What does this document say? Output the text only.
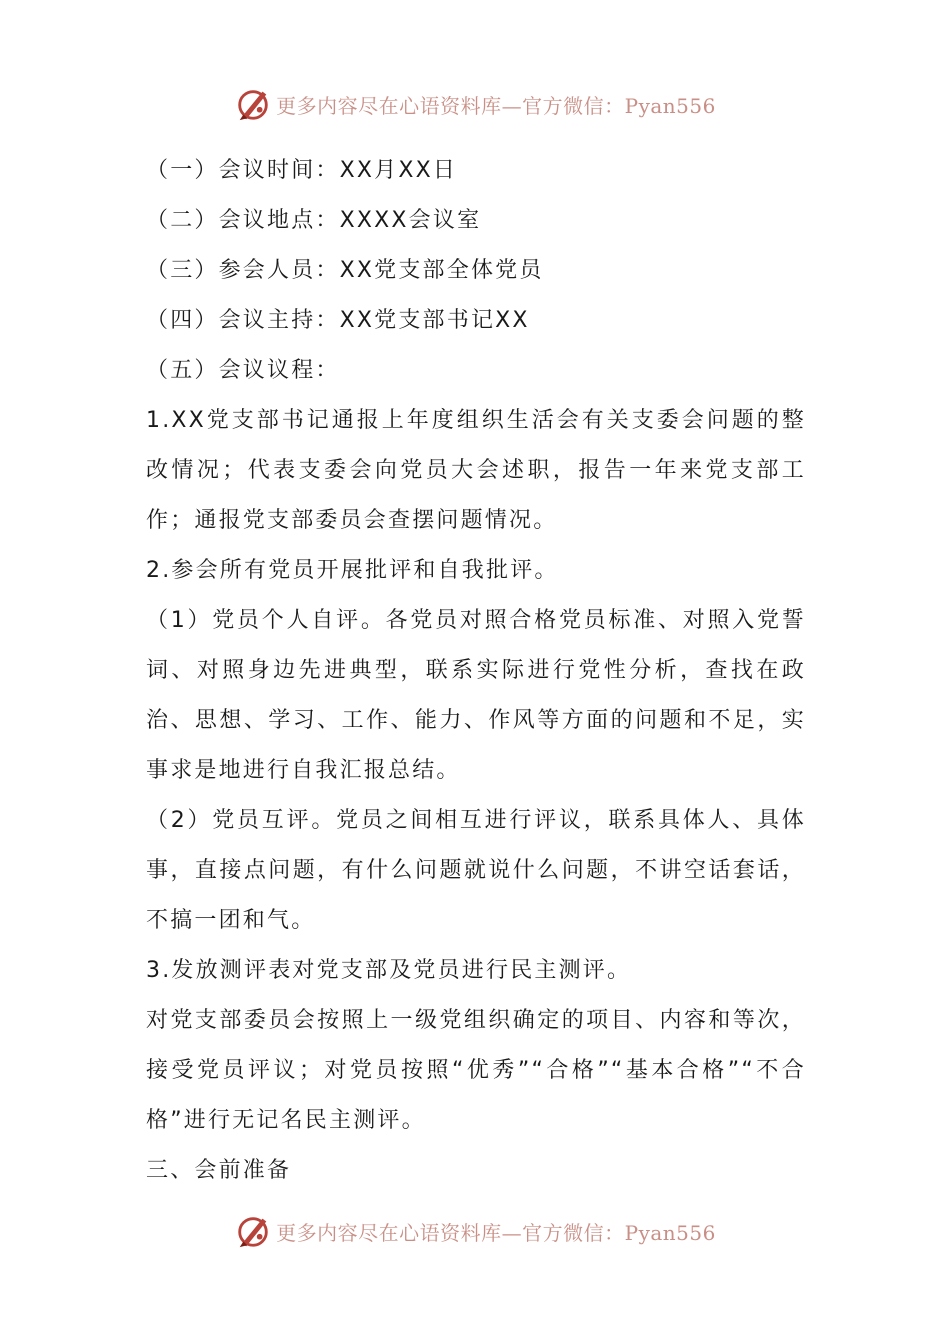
更多内容尽在心语资料库—官方微信：Pyan556

（一）会议时间：XX月XX日

（二）会议地点：XXXX会议室

（三）参会人员：XX党支部全体党员

（四）会议主持：XX党支部书记XX

（五）会议议程：

1.XX党支部书记通报上年度组织生活会有关支委会问题的整改情况；代表支委会向党员大会述职，报告一年来党支部工作；通报党支部委员会查摆问题情况。

2.参会所有党员开展批评和自我批评。

（1）党员个人自评。各党员对照合格党员标准、对照入党誓词、对照身边先进典型，联系实际进行党性分析，查找在政治、思想、学习、工作、能力、作风等方面的问题和不足，实事求是地进行自我汇报总结。

（2）党员互评。党员之间相互进行评议，联系具体人、具体事，直接点问题，有什么问题就说什么问题，不讲空话套话，不搞一团和气。

3.发放测评表对党支部及党员进行民主测评。

对党支部委员会按照上一级党组织确定的项目、内容和等次，接受党员评议；对党员按照“优秀”“合格”“基本合格”“不合格”进行无记名民主测评。

三、会前准备

更多内容尽在心语资料库—官方微信：Pyan556
